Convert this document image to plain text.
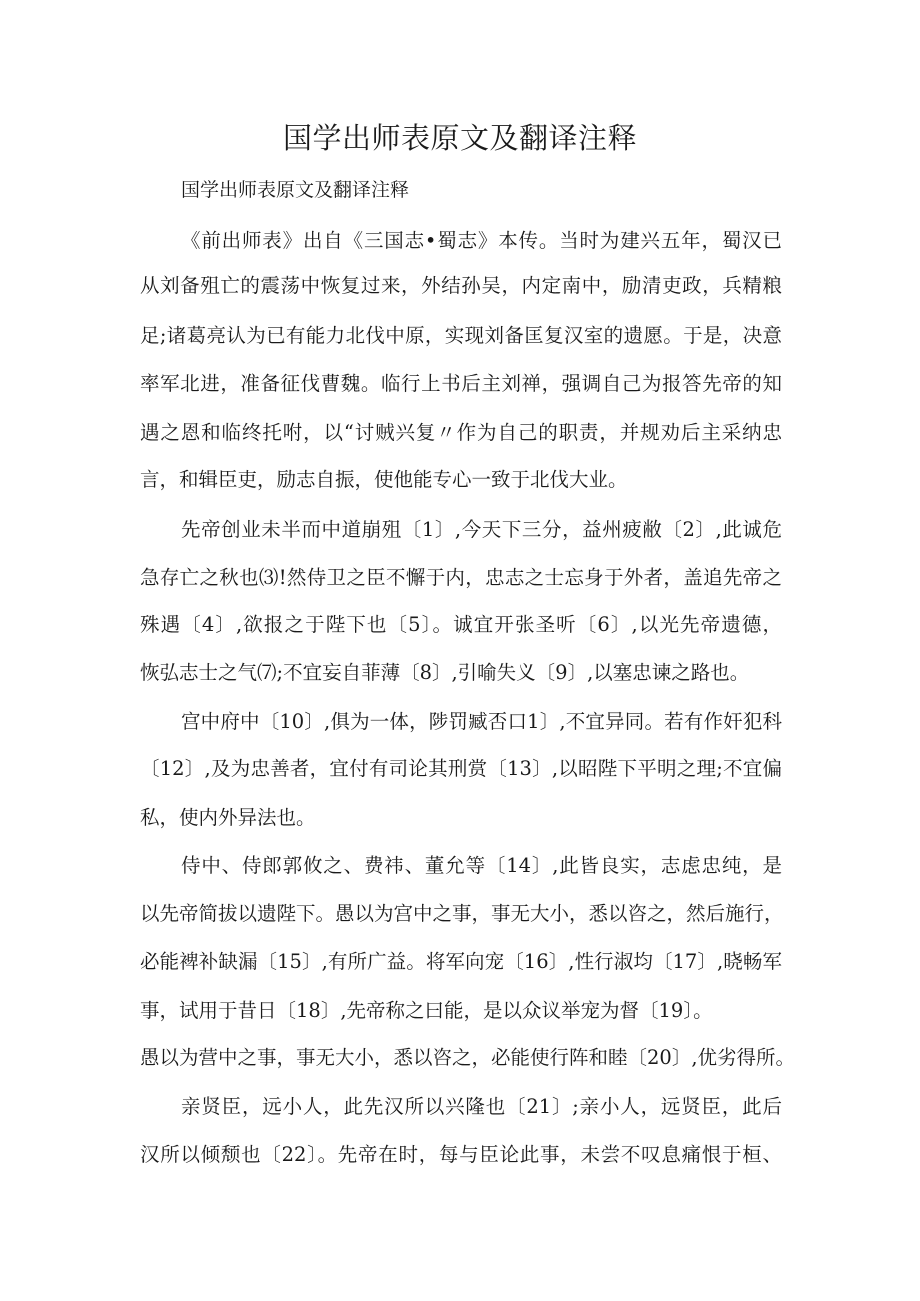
国学出师表原文及翻译注释
国学出师表原文及翻译注释
《前出师表》出自《三国志•蜀志》本传。当时为建兴五年，蜀汉已
从刘备殂亡的震荡中恢复过来，外结孙吴，内定南中，励清吏政，兵精粮
足;诸葛亮认为已有能力北伐中原，实现刘备匡复汉室的遗愿。于是，决意
率军北进，准备征伐曹魏。临行上书后主刘禅，强调自己为报答先帝的知
遇之恩和临终托咐，以“讨贼兴复〃作为自己的职责，并规劝后主采纳忠
言，和辑臣吏，励志自振，使他能专心一致于北伐大业。
先帝创业未半而中道崩殂〔1〕,今天下三分，益州疲敝〔2〕,此诚危
急存亡之秋也⑶!然侍卫之臣不懈于内，忠志之士忘身于外者，盖追先帝之
殊遇〔4〕,欲报之于陛下也〔5〕。诚宜开张圣听〔6〕,以光先帝遗德，
恢弘志士之气⑺;不宜妄自菲薄〔8〕,引喻失义〔9〕,以塞忠谏之路也。
宫中府中〔10〕,俱为一体，陟罚臧否口1〕,不宜异同。若有作奸犯科
〔12〕,及为忠善者，宜付有司论其刑赏〔13〕,以昭陛下平明之理;不宜偏
私，使内外异法也。
侍中、侍郎郭攸之、费祎、董允等〔14〕,此皆良实，志虑忠纯，是
以先帝简拔以遗陛下。愚以为宫中之事，事无大小，悉以咨之，然后施行，
必能裨补缺漏〔15〕,有所广益。将军向宠〔16〕,性行淑均〔17〕,晓畅军
事，试用于昔日〔18〕,先帝称之曰能，是以众议举宠为督〔19〕。
愚以为营中之事，事无大小，悉以咨之，必能使行阵和睦〔20〕,优劣得所。
亲贤臣，远小人，此先汉所以兴隆也〔21〕;亲小人，远贤臣，此后
汉所以倾颓也〔22〕。先帝在时，每与臣论此事，未尝不叹息痛恨于桓、
